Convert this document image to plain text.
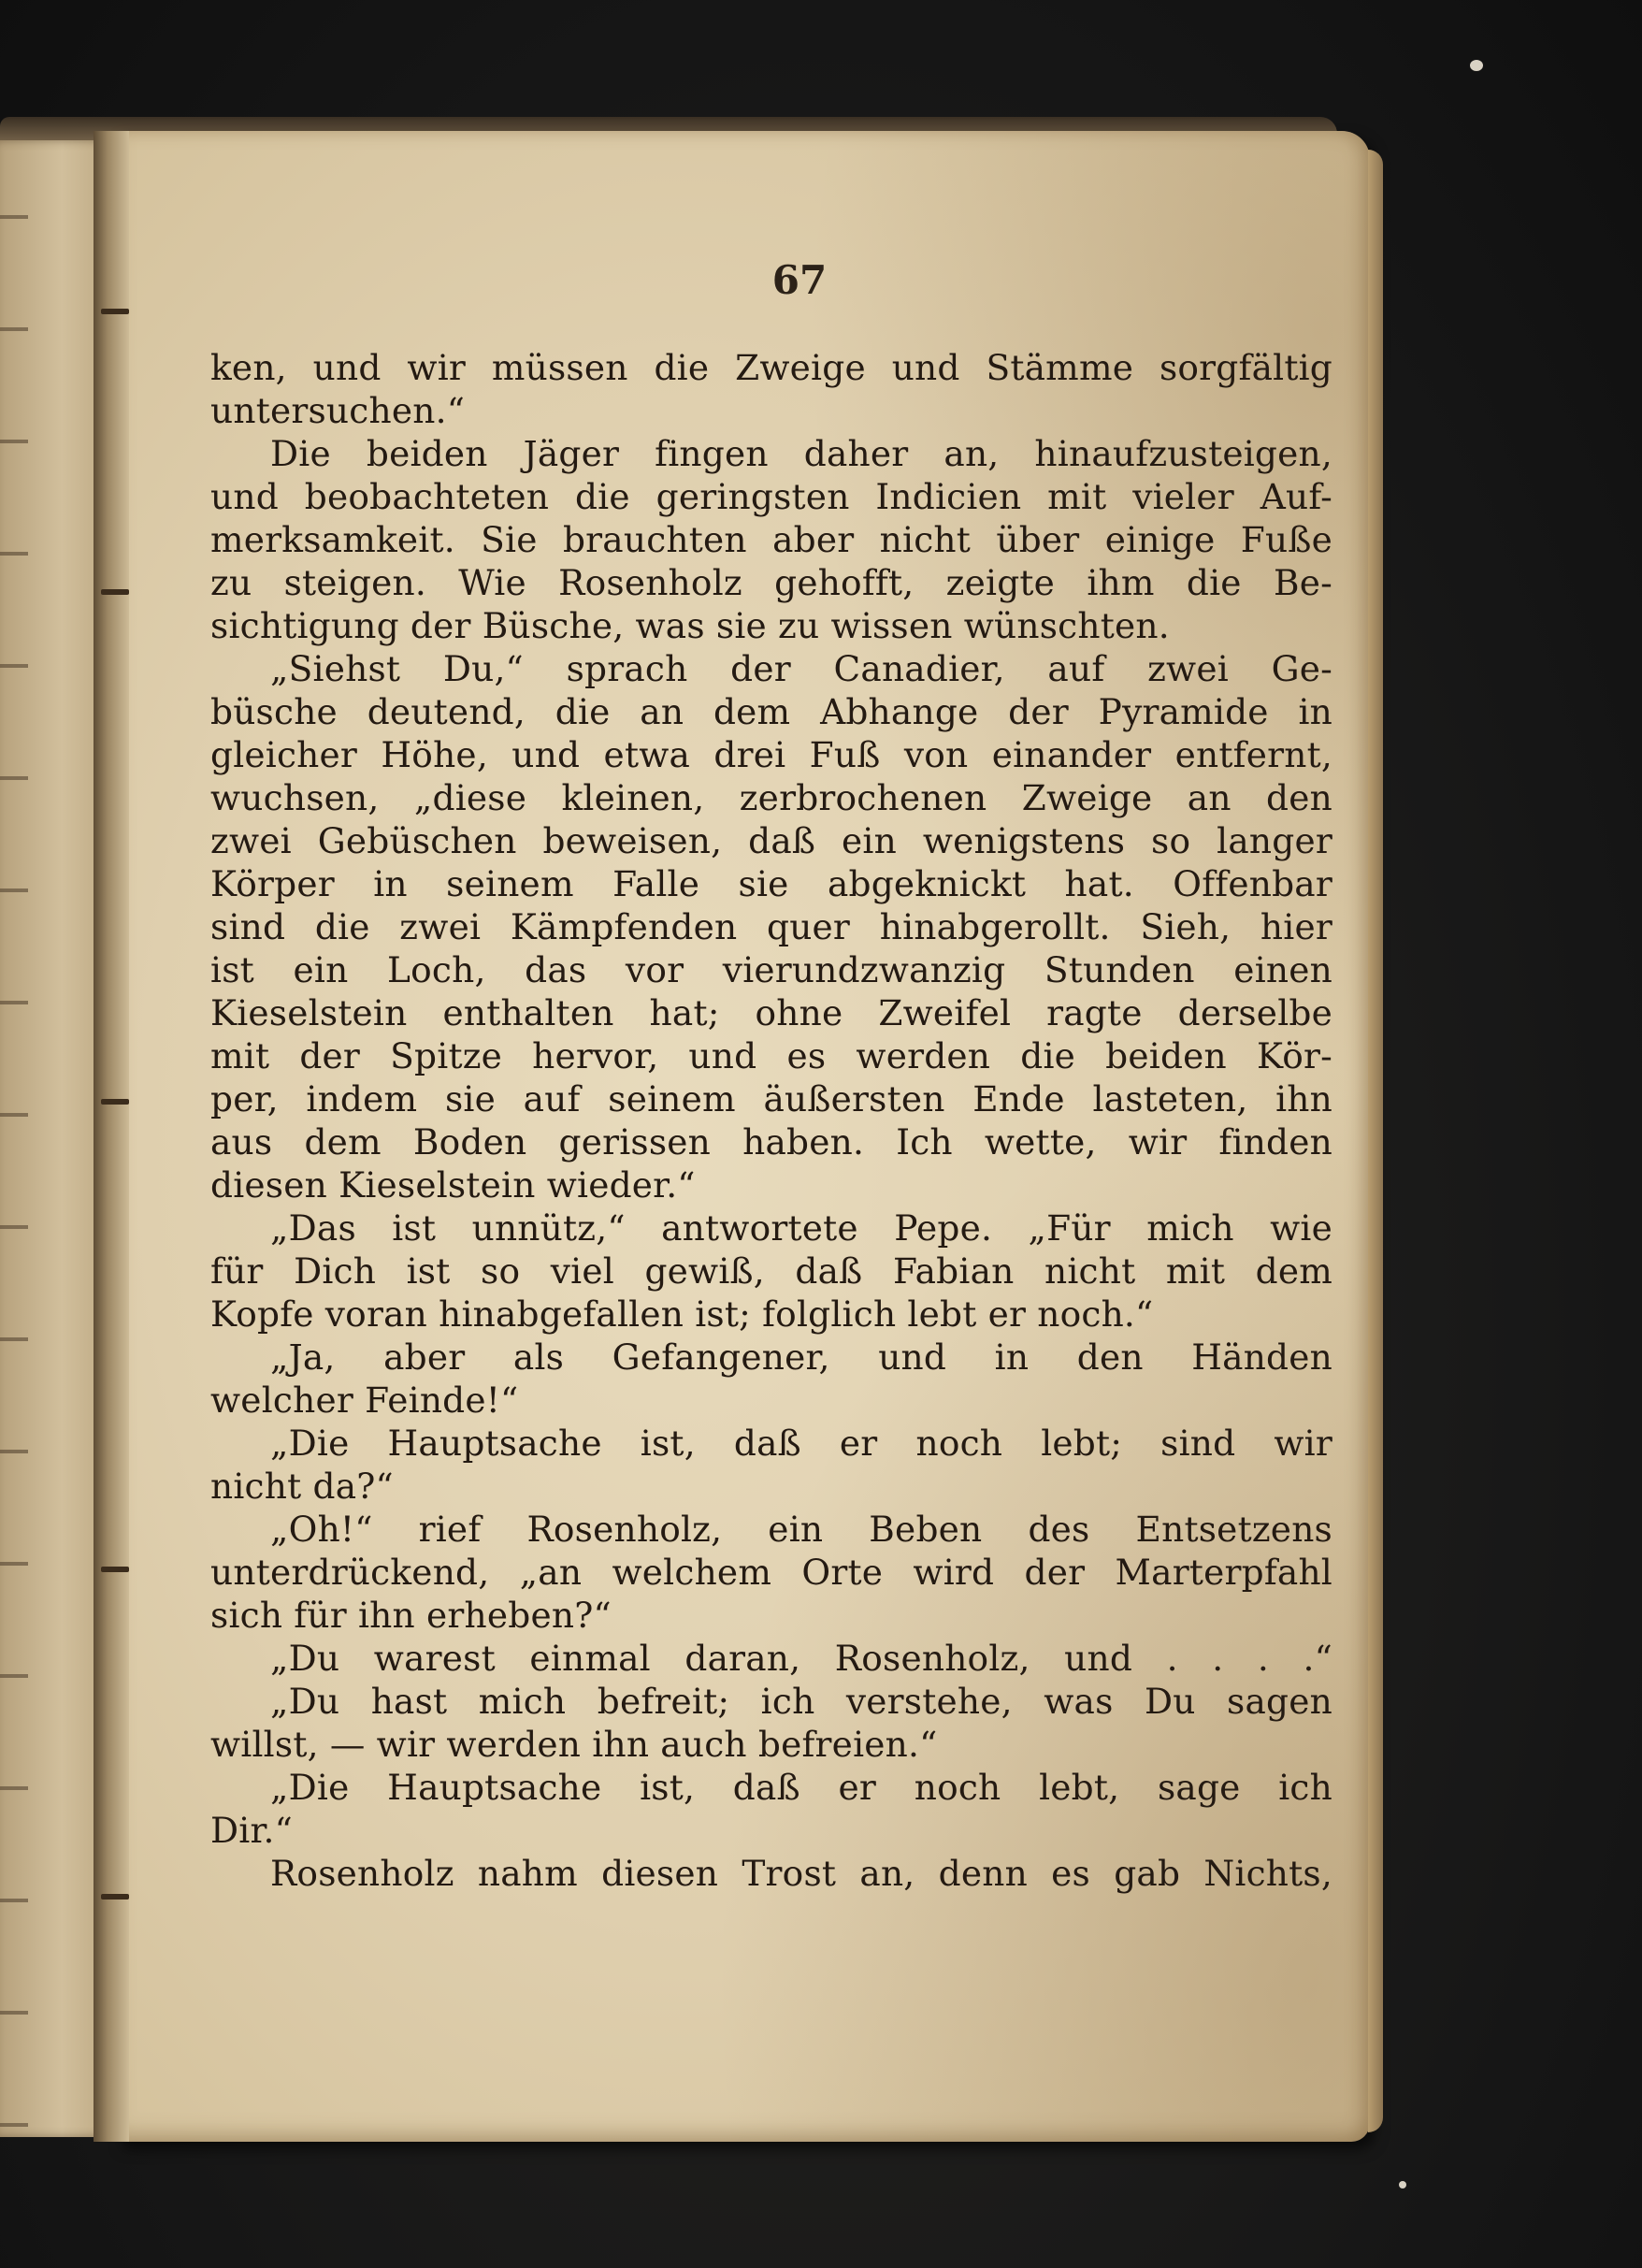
67
ken, und wir müssen die Zweige und Stämme sorgfältig
untersuchen.“
Die beiden Jäger fingen daher an, hinaufzusteigen,
und beobachteten die geringsten Indicien mit vieler Auf-
merksamkeit. Sie brauchten aber nicht über einige Fuße
zu steigen. Wie Rosenholz gehofft, zeigte ihm die Be-
sichtigung der Büsche, was sie zu wissen wünschten.
„Siehst Du,“ sprach der Canadier, auf zwei Ge-
büsche deutend, die an dem Abhange der Pyramide in
gleicher Höhe, und etwa drei Fuß von einander entfernt,
wuchsen, „diese kleinen, zerbrochenen Zweige an den
zwei Gebüschen beweisen, daß ein wenigstens so langer
Körper in seinem Falle sie abgeknickt hat. Offenbar
sind die zwei Kämpfenden quer hinabgerollt. Sieh, hier
ist ein Loch, das vor vierundzwanzig Stunden einen
Kieselstein enthalten hat; ohne Zweifel ragte derselbe
mit der Spitze hervor, und es werden die beiden Kör-
per, indem sie auf seinem äußersten Ende lasteten, ihn
aus dem Boden gerissen haben. Ich wette, wir finden
diesen Kieselstein wieder.“
„Das ist unnütz,“ antwortete Pepe. „Für mich wie
für Dich ist so viel gewiß, daß Fabian nicht mit dem
Kopfe voran hinabgefallen ist; folglich lebt er noch.“
„Ja, aber als Gefangener, und in den Händen
welcher Feinde!“
„Die Hauptsache ist, daß er noch lebt; sind wir
nicht da?“
„Oh!“ rief Rosenholz, ein Beben des Entsetzens
unterdrückend, „an welchem Orte wird der Marterpfahl
sich für ihn erheben?“
„Du warest einmal daran, Rosenholz, und . . . .“
„Du hast mich befreit; ich verstehe, was Du sagen
willst, — wir werden ihn auch befreien.“
„Die Hauptsache ist, daß er noch lebt, sage ich
Dir.“
Rosenholz nahm diesen Trost an, denn es gab Nichts,
